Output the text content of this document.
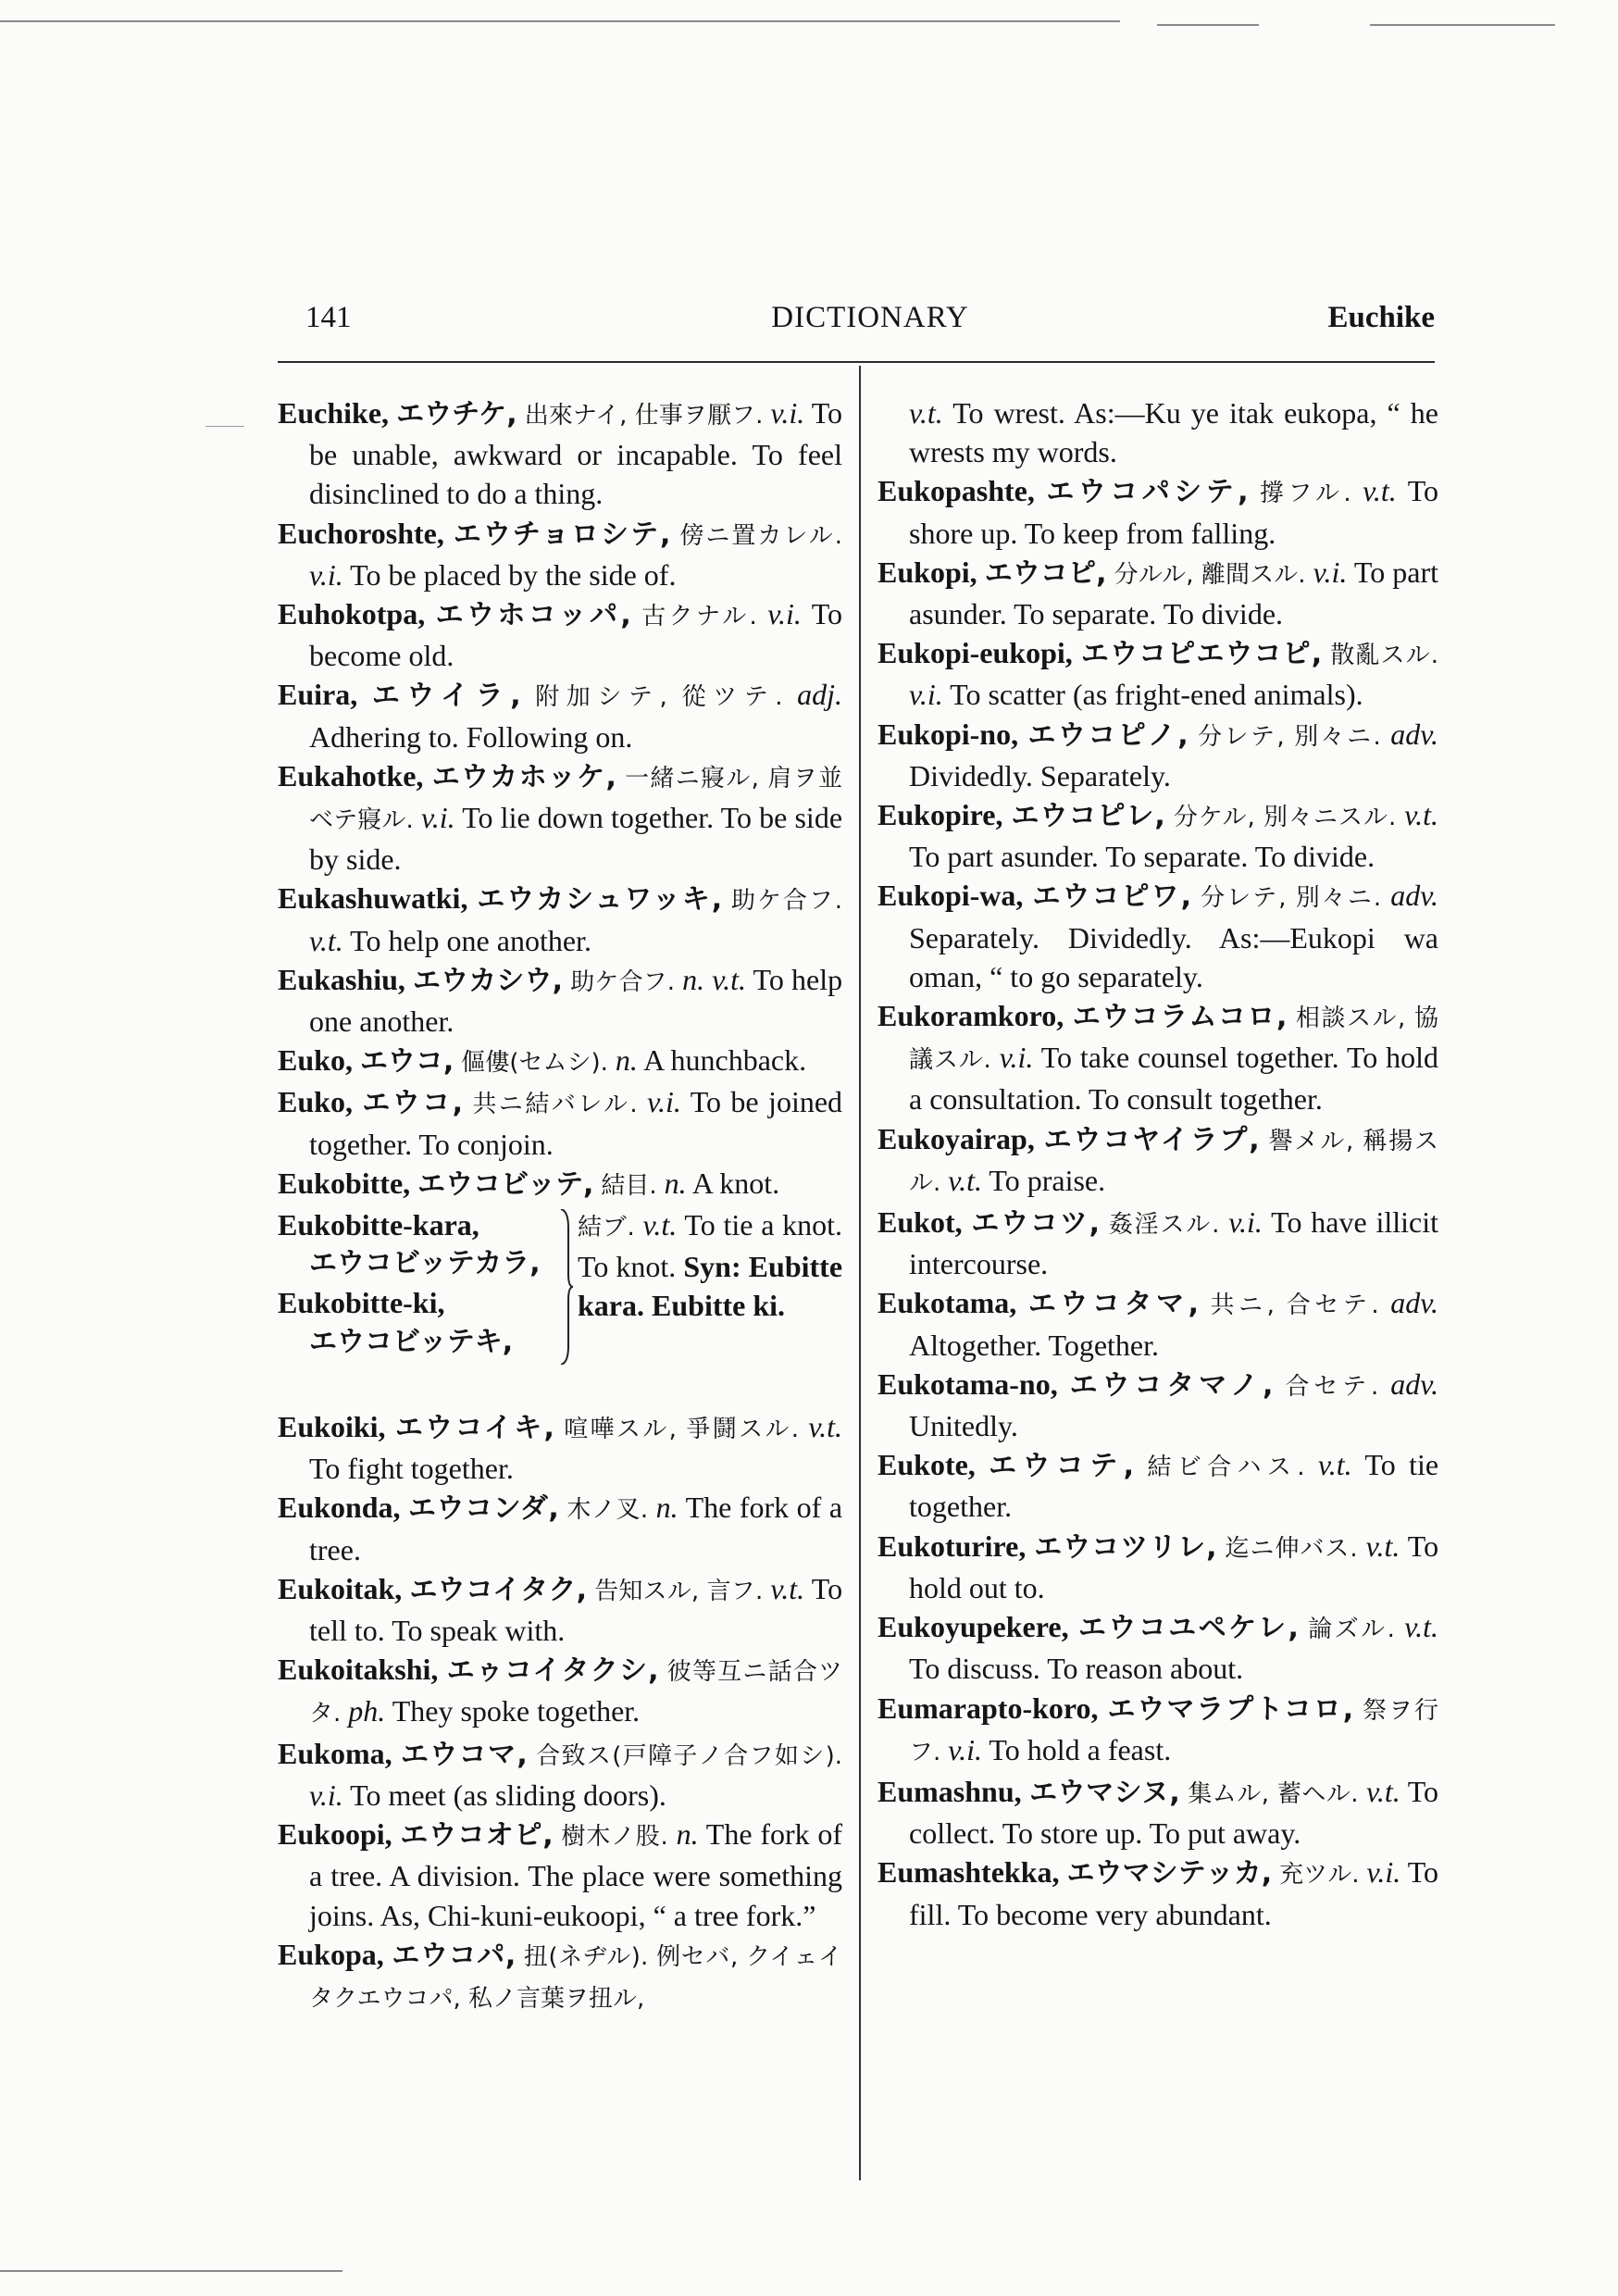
141	DICTIONARY	Euchike

Euchike, エウチケ, 出來ナイ, 仕事ヲ厭フ. v.i. To be unable, awkward or incapable. To feel disinclined to do a thing.

Euchoroshte, エウチョロシテ, 傍ニ置カレル. v.i. To be placed by the side of.

Euhokotpa, エウホコッパ, 古クナル. v.i. To become old.

Euira, エウイラ, 附加シテ, 從ツテ. adj. Adhering to. Following on.

Eukahotke, エウカホッケ, 一緒ニ寢ル, 肩ヲ並ベテ寢ル. v.i. To lie down together. To be side by side.

Eukashuwatki, エウカシュワッキ, 助ケ合フ. v.t. To help one another.

Eukashiu, エウカシウ, 助ケ合フ. n. v.t. To help one another.

Euko, エウコ, 傴僂(セムシ). n. A hunchback.

Euko, エウコ, 共ニ結バレル. v.i. To be joined together. To conjoin.

Eukobitte, エウコビッテ, 結目. n. A knot.

Eukobitte-kara,
エウコビッテカラ,
Eukobitte-ki,
エウコビッテキ,
結ブ. v.t. To tie a knot. To knot. Syn: Eubitte kara. Eubitte ki.

Eukoiki, エウコイキ, 喧嘩スル, 爭鬪スル. v.t. To fight together.

Eukonda, エウコンダ, 木ノ叉. n. The fork of a tree.

Eukoitak, エウコイタク, 告知スル, 言フ. v.t. To tell to. To speak with.

Eukoitakshi, エゥコイタクシ, 彼等互ニ話合ツタ. ph. They spoke together.

Eukoma, エウコマ, 合致ス(戸障子ノ合フ如シ). v.i. To meet (as sliding doors).

Eukoopi, エウコオピ, 樹木ノ股. n. The fork of a tree. A division. The place were something joins. As, Chi-kuni-eukoopi, “ a tree fork.”

Eukopa, エウコパ, 扭(ネヂル). 例セバ, クイェイタクエウコパ, 私ノ言葉ヲ扭ル,

v.t. To wrest. As:—Ku ye itak eukopa, “ he wrests my words.

Eukopashte, エウコパシテ, 撐フル. v.t. To shore up. To keep from falling.

Eukopi, エウコピ, 分ルル, 離間スル. v.i. To part asunder. To separate. To divide.

Eukopi-eukopi, エウコピエウコピ, 散亂スル. v.i. To scatter (as fright-ened animals).

Eukopi-no, エウコピノ, 分レテ, 別々ニ. adv. Dividedly. Separately.

Eukopire, エウコピレ, 分ケル, 別々ニスル. v.t. To part asunder. To separate. To divide.

Eukopi-wa, エウコピワ, 分レテ, 別々ニ. adv. Separately. Dividedly. As:—Eukopi wa oman, “ to go separately.

Eukoramkoro, エウコラムコロ, 相談スル, 協議スル. v.i. To take counsel together. To hold a consultation. To consult together.

Eukoyairap, エウコヤイラプ, 譽メル, 稱揚スル. v.t. To praise.

Eukot, エウコツ, 姦淫スル. v.i. To have illicit intercourse.

Eukotama, エウコタマ, 共ニ, 合セテ. adv. Altogether. Together.

Eukotama-no, エウコタマノ, 合セテ. adv. Unitedly.

Eukote, エウコテ, 結ビ合ハス. v.t. To tie together.

Eukoturire, エウコツリレ, 迄ニ伸バス. v.t. To hold out to.

Eukoyupekere, エウコユペケレ, 論ズル. v.t. To discuss. To reason about.

Eumarapto-koro, エウマラプトコロ, 祭ヲ行フ. v.i. To hold a feast.

Eumashnu, エウマシヌ, 集ムル, 蓄ヘル. v.t. To collect. To store up. To put away.

Eumashtekka, エウマシテッカ, 充ツル. v.i. To fill. To become very abundant.
